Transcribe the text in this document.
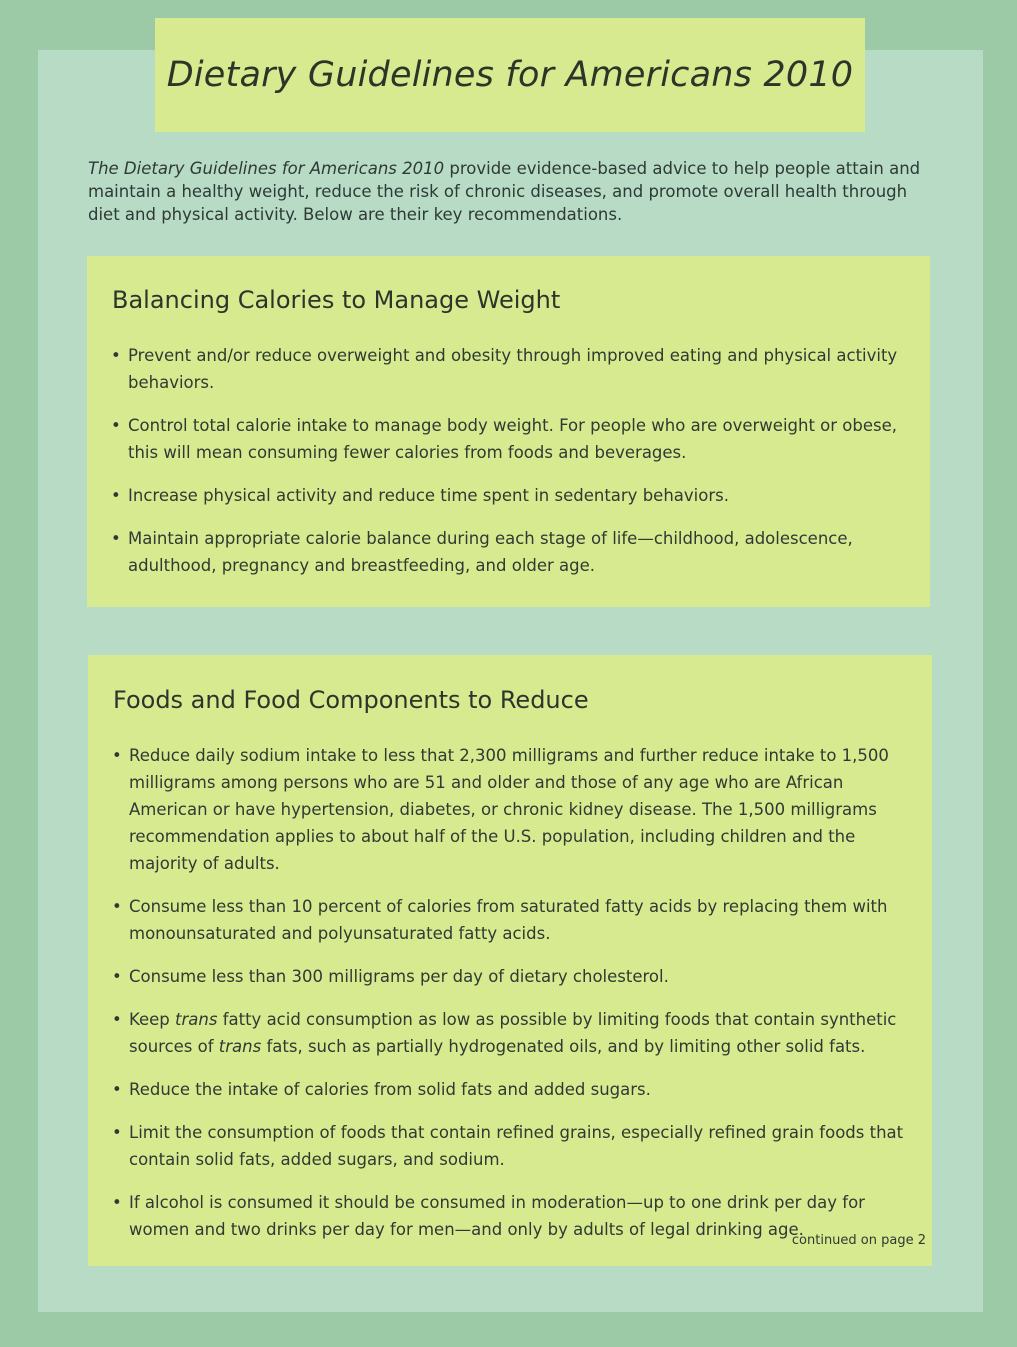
Dietary Guidelines for Americans 2010

The Dietary Guidelines for Americans 2010 provide evidence-based advice to help people attain and maintain a healthy weight, reduce the risk of chronic diseases, and promote overall health through diet and physical activity. Below are their key recommendations.

Balancing Calories to Manage Weight
• Prevent and/or reduce overweight and obesity through improved eating and physical activity behaviors.
• Control total calorie intake to manage body weight. For people who are overweight or obese, this will mean consuming fewer calories from foods and beverages.
• Increase physical activity and reduce time spent in sedentary behaviors.
• Maintain appropriate calorie balance during each stage of life—childhood, adolescence, adulthood, pregnancy and breastfeeding, and older age.
Foods and Food Components to Reduce
• Reduce daily sodium intake to less that 2,300 milligrams and further reduce intake to 1,500 milligrams among persons who are 51 and older and those of any age who are African American or have hypertension, diabetes, or chronic kidney disease. The 1,500 milligrams recommendation applies to about half of the U.S. population, including children and the majority of adults.
• Consume less than 10 percent of calories from saturated fatty acids by replacing them with monounsaturated and polyunsaturated fatty acids.
• Consume less than 300 milligrams per day of dietary cholesterol.
• Keep trans fatty acid consumption as low as possible by limiting foods that contain synthetic sources of trans fats, such as partially hydrogenated oils, and by limiting other solid fats.
• Reduce the intake of calories from solid fats and added sugars.
• Limit the consumption of foods that contain refined grains, especially refined grain foods that contain solid fats, added sugars, and sodium.
• If alcohol is consumed it should be consumed in moderation—up to one drink per day for women and two drinks per day for men—and only by adults of legal drinking age.

continued on page 2
